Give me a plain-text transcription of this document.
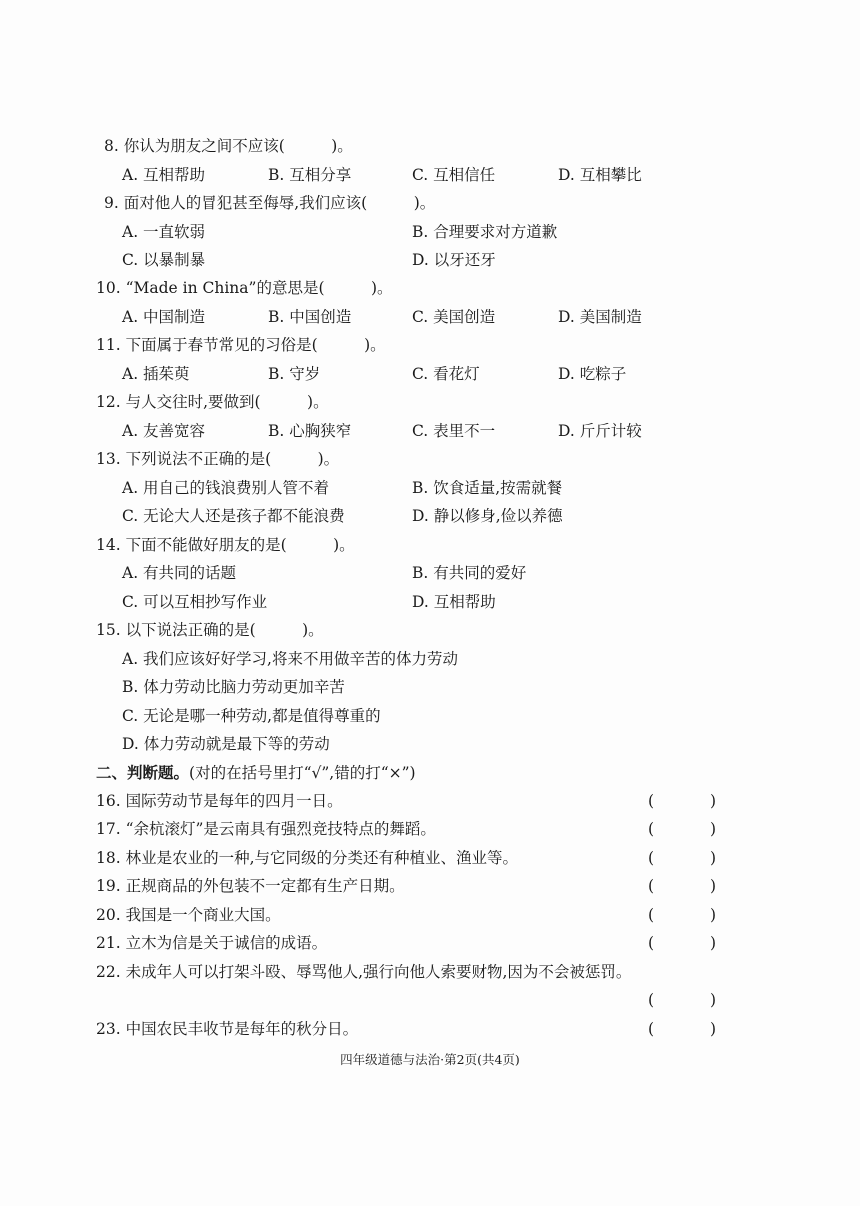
8. 你认为朋友之间不应该(　　　)。
A. 互相帮助	B. 互相分享	C. 互相信任	D. 互相攀比
9. 面对他人的冒犯甚至侮辱,我们应该(　　　)。
A. 一直软弱	B. 合理要求对方道歉
C. 以暴制暴	D. 以牙还牙
10. “Made in China”的意思是(　　　)。
A. 中国制造	B. 中国创造	C. 美国创造	D. 美国制造
11. 下面属于春节常见的习俗是(　　　)。
A. 插茱萸	B. 守岁	C. 看花灯	D. 吃粽子
12. 与人交往时,要做到(　　　)。
A. 友善宽容	B. 心胸狭窄	C. 表里不一	D. 斤斤计较
13. 下列说法不正确的是(　　　)。
A. 用自己的钱浪费别人管不着	B. 饮食适量,按需就餐
C. 无论大人还是孩子都不能浪费	D. 静以修身,俭以养德
14. 下面不能做好朋友的是(　　　)。
A. 有共同的话题	B. 有共同的爱好
C. 可以互相抄写作业	D. 互相帮助
15. 以下说法正确的是(　　　)。
A. 我们应该好好学习,将来不用做辛苦的体力劳动
B. 体力劳动比脑力劳动更加辛苦
C. 无论是哪一种劳动,都是值得尊重的
D. 体力劳动就是最下等的劳动
二、判断题。(对的在括号里打“√”,错的打“×”)
16. 国际劳动节是每年的四月一日。	(	)
17. “余杭滚灯”是云南具有强烈竞技特点的舞蹈。	(	)
18. 林业是农业的一种,与它同级的分类还有种植业、渔业等。	(	)
19. 正规商品的外包装不一定都有生产日期。	(	)
20. 我国是一个商业大国。	(	)
21. 立木为信是关于诚信的成语。	(	)
22. 未成年人可以打架斗殴、辱骂他人,强行向他人索要财物,因为不会被惩罚。
(	)
23. 中国农民丰收节是每年的秋分日。	(	)
四年级道德与法治·第2页(共4页)
